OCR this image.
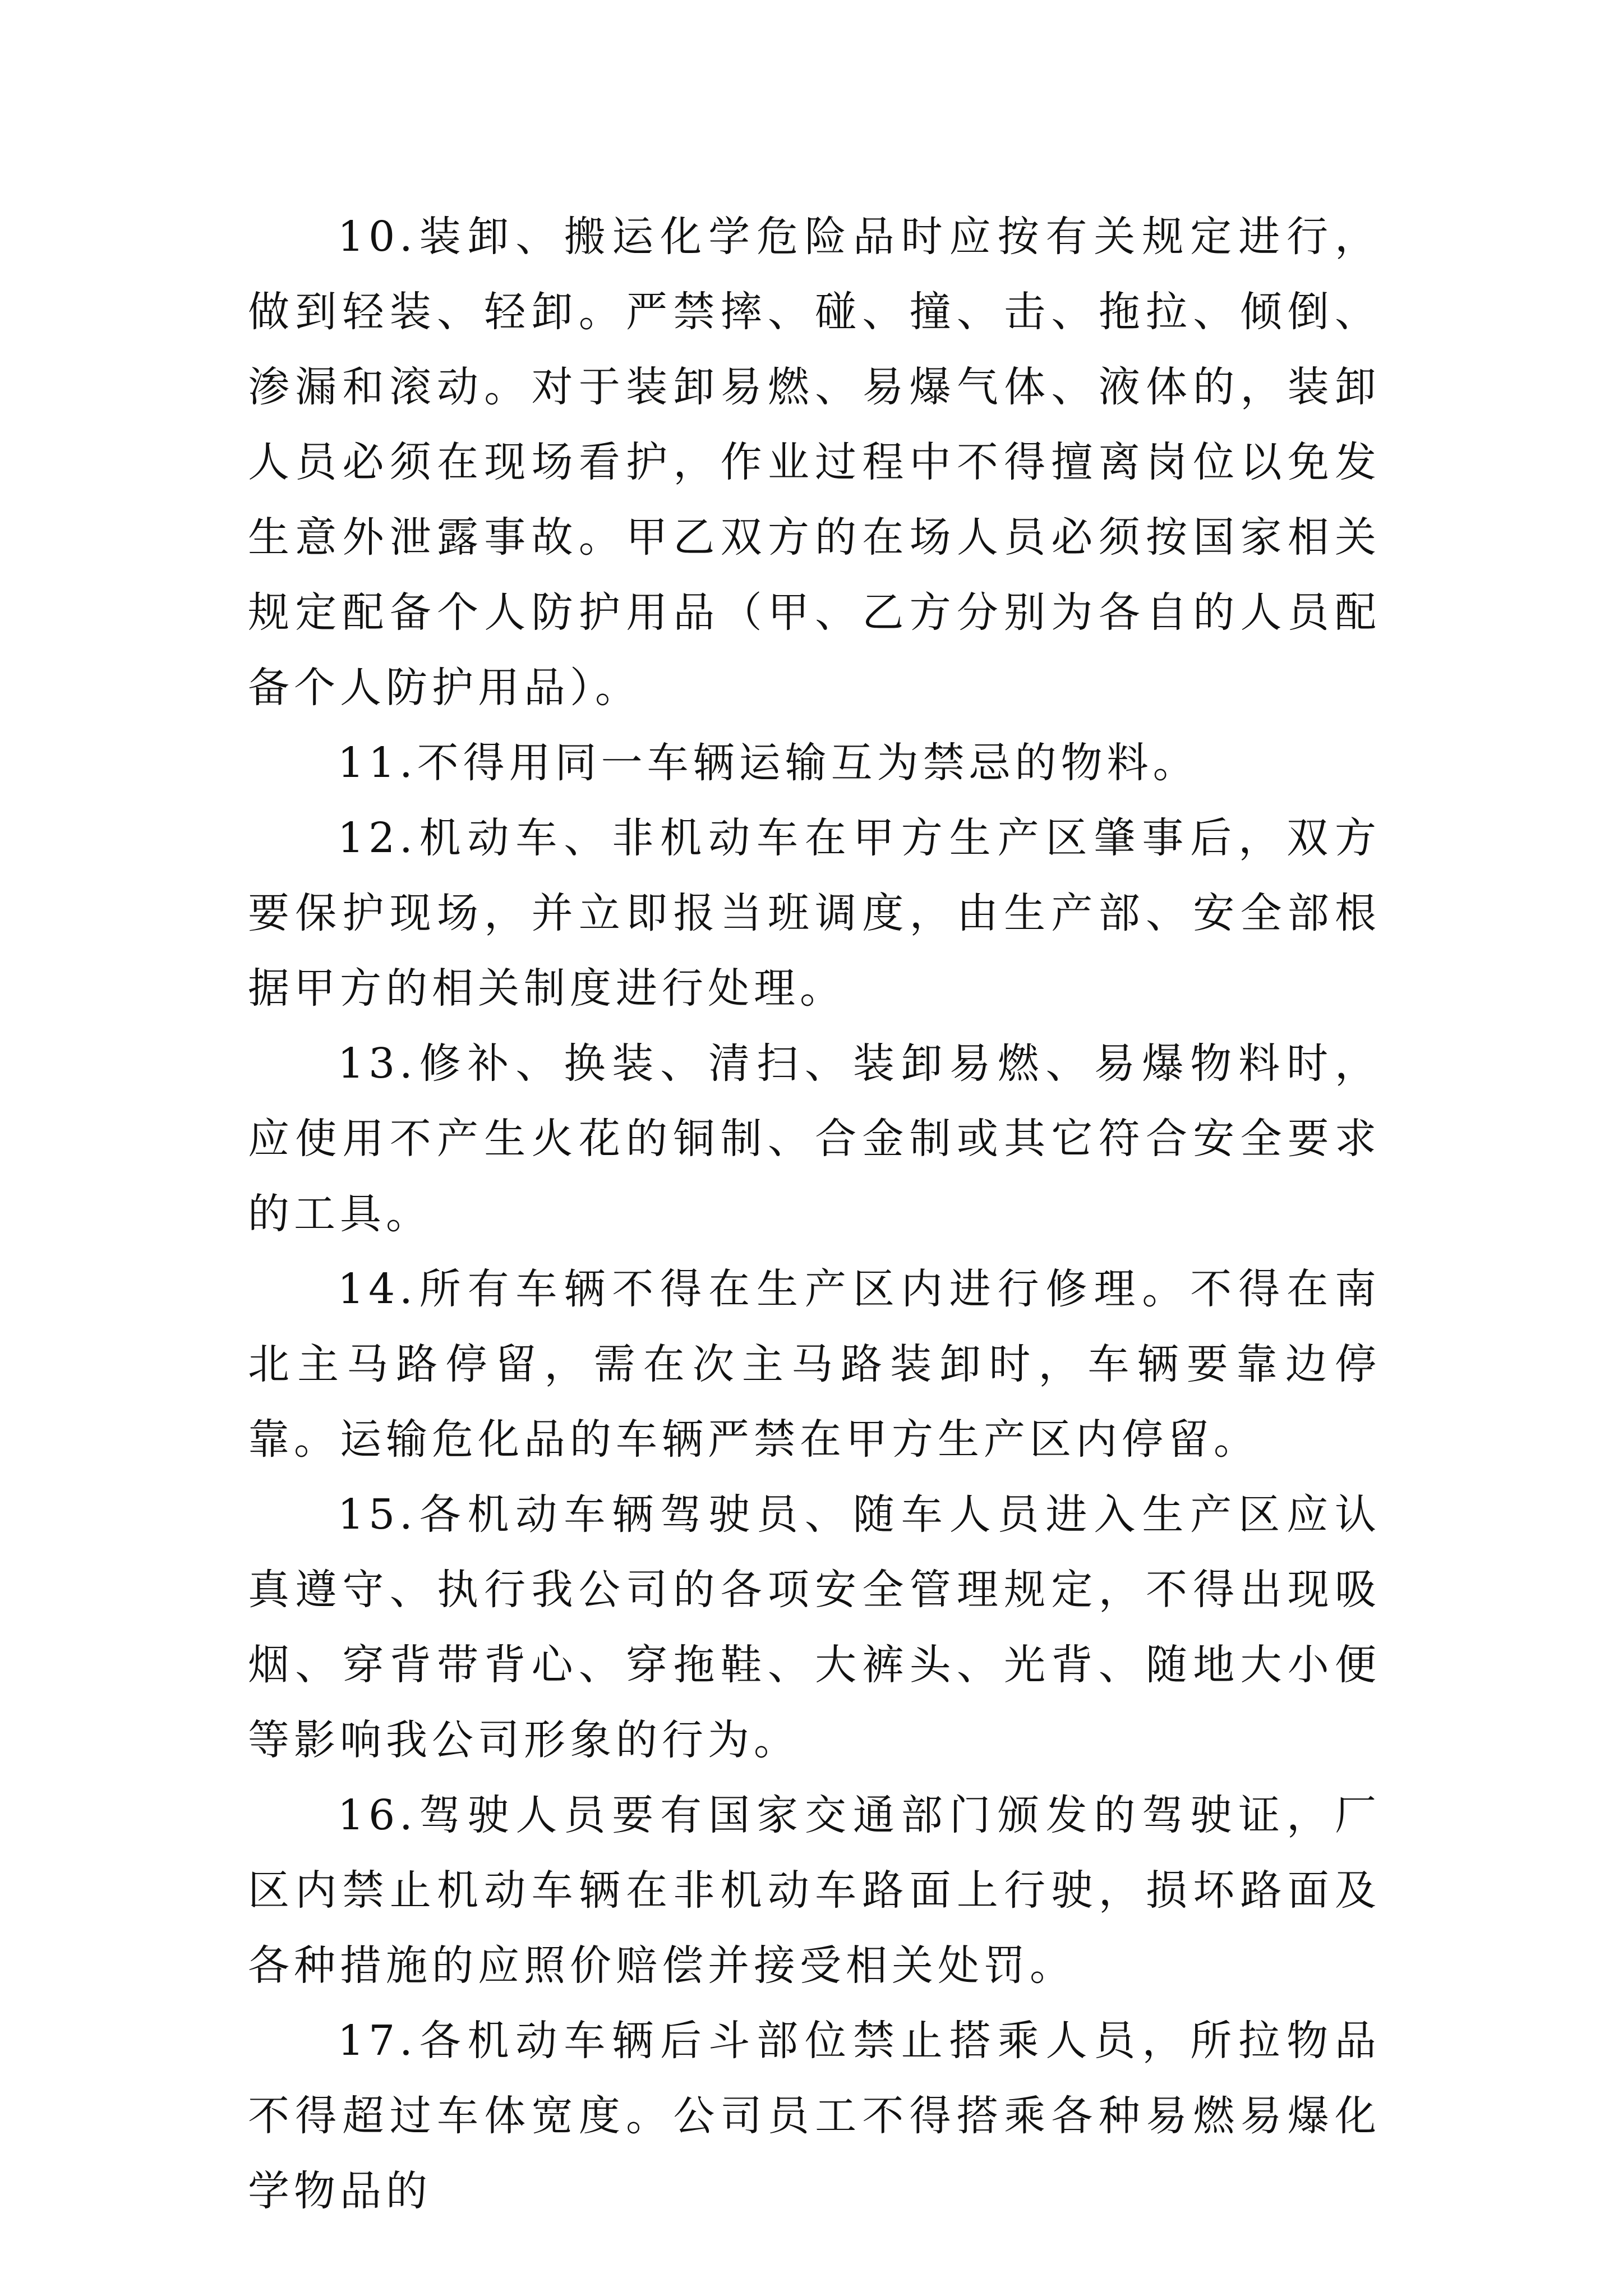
10.装卸、搬运化学危险品时应按有关规定进行，做到轻装、轻卸。严禁摔、碰、撞、击、拖拉、倾倒、渗漏和滚动。对于装卸易燃、易爆气体、液体的，装卸人员必须在现场看护，作业过程中不得擅离岗位以免发生意外泄露事故。甲乙双方的在场人员必须按国家相关规定配备个人防护用品（甲、乙方分别为各自的人员配备个人防护用品）。

11.不得用同一车辆运输互为禁忌的物料。

12.机动车、非机动车在甲方生产区肇事后，双方要保护现场，并立即报当班调度，由生产部、安全部根据甲方的相关制度进行处理。

13.修补、换装、清扫、装卸易燃、易爆物料时，应使用不产生火花的铜制、合金制或其它符合安全要求的工具。

14.所有车辆不得在生产区内进行修理。不得在南北主马路停留，需在次主马路装卸时，车辆要靠边停靠。运输危化品的车辆严禁在甲方生产区内停留。

15.各机动车辆驾驶员、随车人员进入生产区应认真遵守、执行我公司的各项安全管理规定，不得出现吸烟、穿背带背心、穿拖鞋、大裤头、光背、随地大小便等影响我公司形象的行为。

16.驾驶人员要有国家交通部门颁发的驾驶证，厂区内禁止机动车辆在非机动车路面上行驶，损坏路面及各种措施的应照价赔偿并接受相关处罚。

17.各机动车辆后斗部位禁止搭乘人员，所拉物品不得超过车体宽度。公司员工不得搭乘各种易燃易爆化学物品的
